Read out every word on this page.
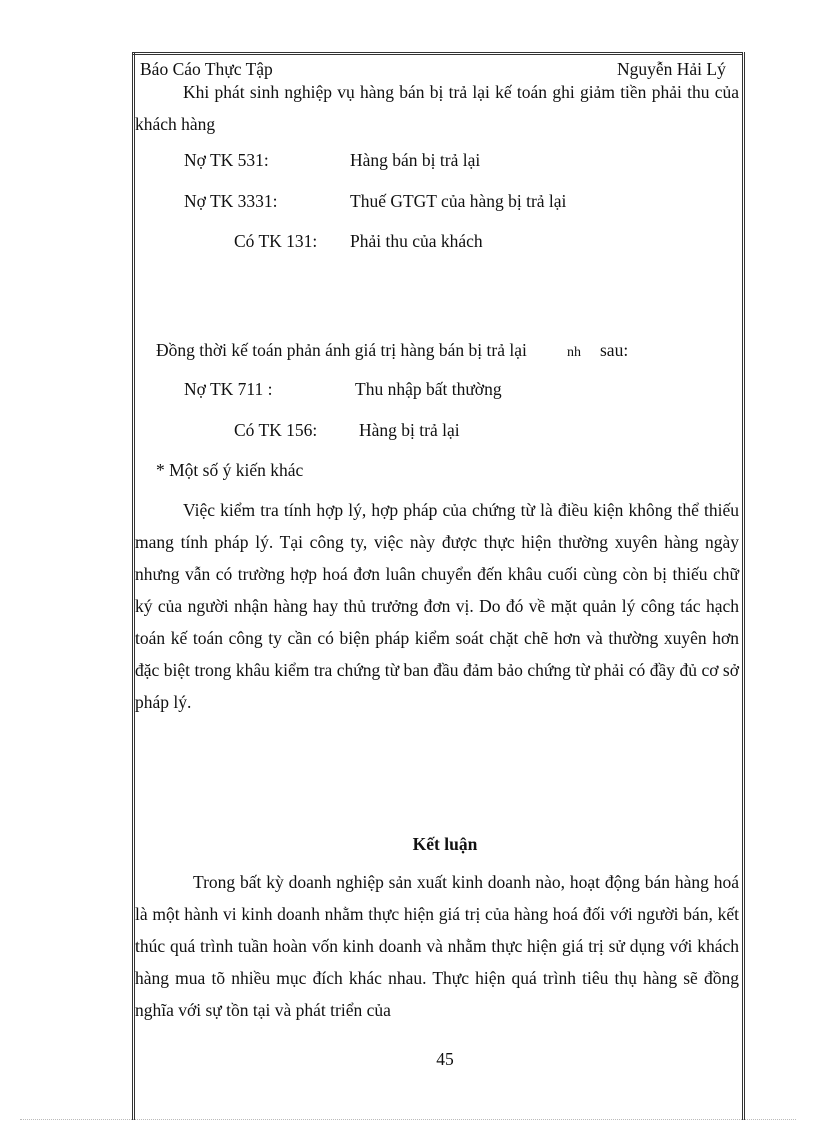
Báo Cáo Thực Tập	Nguyễn Hải Lý
Khi phát sinh nghiệp vụ hàng bán bị trả lại kế toán ghi giảm tiền phải thu của khách hàng
Nợ TK 531:	Hàng bán bị trả lại
Nợ TK 3331:	Thuế GTGT của hàng bị trả lại
Có TK 131: Phải thu của khách
Đồng thời kế toán phản ánh giá trị hàng bán bị trả lại	nh sau:
Nợ TK 711 :	Thu nhập bất thường
Có TK 156: Hàng bị trả lại
* Một số ý kiến khác
Việc kiểm tra tính hợp lý, hợp pháp của chứng từ là điều kiện không thể thiếu mang tính pháp lý. Tại công ty, việc này được thực hiện thường xuyên hàng ngày nhưng vẫn có trường hợp hoá đơn luân chuyển đến khâu cuối cùng còn bị thiếu chữ ký của người nhận hàng hay thủ trưởng đơn vị. Do đó về mặt quản lý công tác hạch toán kế toán công ty cần có biện pháp kiểm soát chặt chẽ hơn và thường xuyên hơn đặc biệt trong khâu kiểm tra chứng từ ban đầu đảm bảo chứng từ phải có đầy đủ cơ sở pháp lý.
Kết luận
Trong bất kỳ doanh nghiệp sản xuất kinh doanh nào, hoạt động bán hàng hoá là một hành vi kinh doanh nhằm thực hiện giá trị của hàng hoá đối với người bán, kết thúc quá trình tuần hoàn vốn kinh doanh và nhằm thực hiện giá trị sử dụng với khách hàng mua tõ nhiều mục đích khác nhau. Thực hiện quá trình tiêu thụ hàng sẽ đồng nghĩa với sự tồn tại và phát triển của
45
